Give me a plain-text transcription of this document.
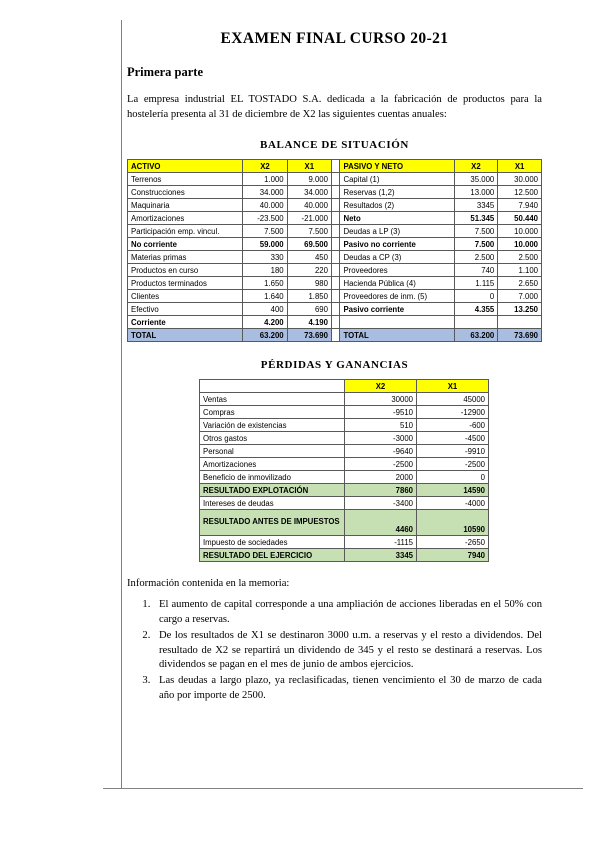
EXAMEN FINAL CURSO 20-21
Primera parte

La empresa industrial EL TOSTADO S.A. dedicada a la fabricación de productos para la hostelería presenta al 31 de diciembre de X2 las siguientes cuentas anuales:

BALANCE DE SITUACIÓN
ACTIVO	X2	X1		PASIVO Y NETO	X2	X1
Terrenos	1.000	9.000		Capital (1)	35.000	30.000
Construcciones	34.000	34.000		Reservas (1,2)	13.000	12.500
Maquinaria	40.000	40.000		Resultados (2)	3345	7.940
Amortizaciones	-23.500	-21.000		Neto	51.345	50.440
Participación emp. vincul.	7.500	7.500		Deudas a LP (3)	7.500	10.000
No corriente	59.000	69.500		Pasivo no corriente	7.500	10.000
Materias primas	330	450		Deudas a CP (3)	2.500	2.500
Productos en curso	180	220		Proveedores	740	1.100
Productos terminados	1.650	980		Hacienda Pública (4)	1.115	2.650
Clientes	1.640	1.850		Proveedores de inm. (5)	0	7.000
Efectivo	400	690		Pasivo corriente	4.355	13.250
Corriente	4.200	4.190				
TOTAL	63.200	73.690		TOTAL	63.200	73.690
PÉRDIDAS Y GANANCIAS
	X2	X1
Ventas	30000	45000
Compras	-9510	-12900
Variación de existencias	510	-600
Otros gastos	-3000	-4500
Personal	-9640	-9910
Amortizaciones	-2500	-2500
Beneficio de inmovilizado	2000	0
RESULTADO EXPLOTACIÓN	7860	14590
Intereses de deudas	-3400	-4000
RESULTADO ANTES DE IMPUESTOS	4460	10590
Impuesto de sociedades	-1115	-2650
RESULTADO DEL EJERCICIO	3345	7940

Información contenida en la memoria:

1. El aumento de capital corresponde a una ampliación de acciones liberadas en el 50% con cargo a reservas.
2. De los resultados de X1 se destinaron 3000 u.m. a reservas y el resto a dividendos. Del resultado de X2 se repartirá un dividendo de 345 y el resto se destinará a reservas. Los dividendos se pagan en el mes de junio de ambos ejercicios.
3. Las deudas a largo plazo, ya reclasificadas, tienen vencimiento el 30 de marzo de cada año por importe de 2500.
